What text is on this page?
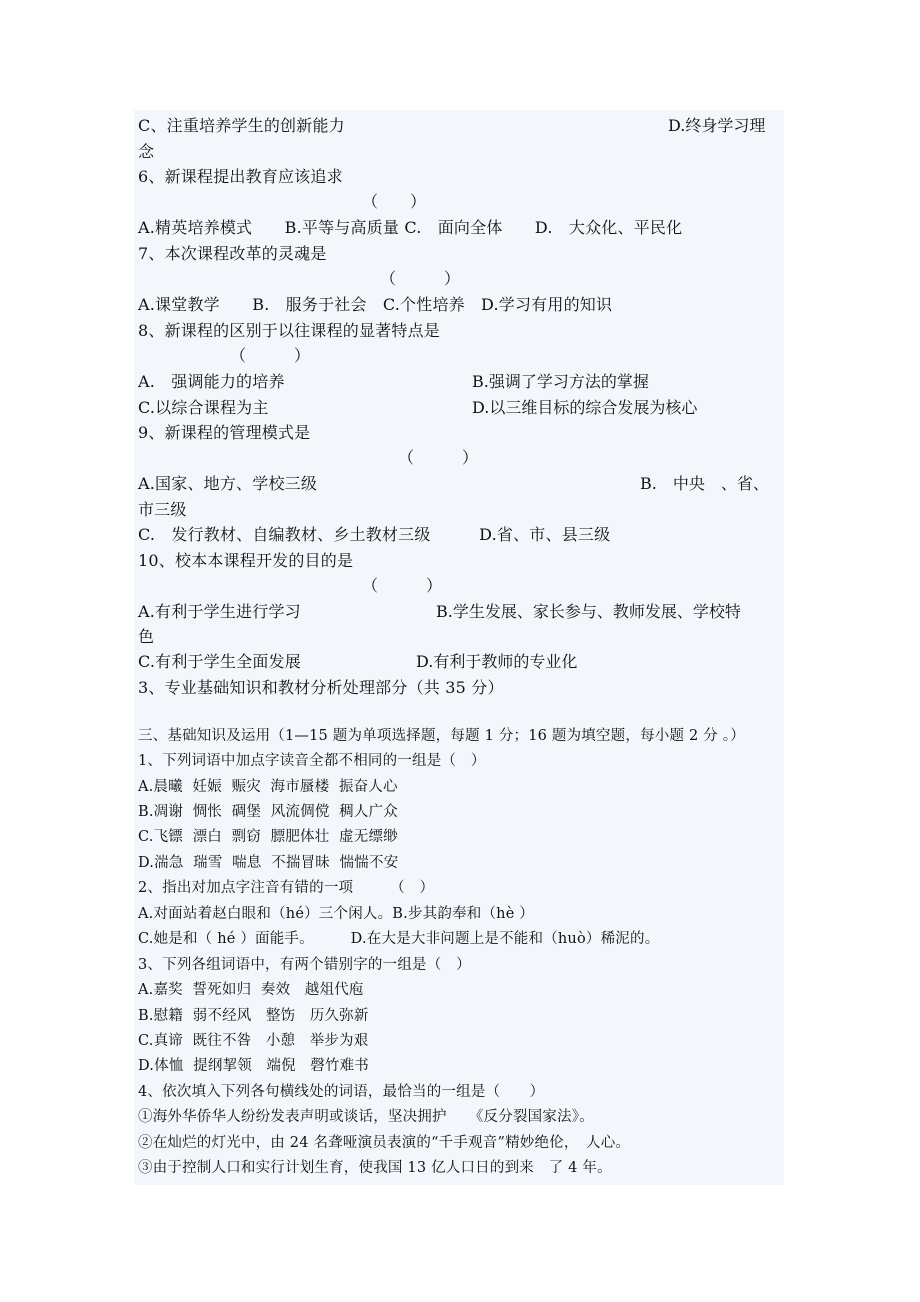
C、注重培养学生的创新能力	D.终身学习理
念
6、新课程提出教育应该追求
（　　）
A.精英培养模式　　B.平等与高质量 C.　面向全体　　D.　大众化、平民化
7、本次课程改革的灵魂是
（　　　）
A.课堂教学　　B.　服务于社会　C.个性培养　D.学习有用的知识
8、新课程的区别于以往课程的显著特点是
（　　　）
A.　强调能力的培养	B.强调了学习方法的掌握
C.以综合课程为主	D.以三维目标的综合发展为核心
9、新课程的管理模式是
（　　　）
A.国家、地方、学校三级	B.　中央　、省、
市三级
C.　发行教材、自编教材、乡土教材三级　　　D.省、市、县三级
10、校本本课程开发的目的是
（　　　）
A.有利于学生进行学习	B.学生发展、家长参与、教师发展、学校特
色
C.有利于学生全面发展	D.有利于教师的专业化
3、专业基础知识和教材分析处理部分（共 35 分）
三、基础知识及运用（1—15 题为单项选择题，每题 1 分；16 题为填空题，每小题 2 分 。）
1、下列词语中加点字读音全都不相同的一组是（　）
A.晨曦  妊娠  赈灾  海市蜃楼  振奋人心
B.凋谢  惆怅  碉堡  风流倜傥  稠人广众
C.飞镖  漂白  剽窃  膘肥体壮  虚无缥缈
D.湍急  瑞雪  喘息  不揣冒昧  惴惴不安
2、指出对加点字注音有错的一项　　　（　）
A.对面站着赵白眼和（hé）三个闲人。B.步其韵奉和（hè ）
C.她是和（ hé ）面能手。　　　D.在大是大非问题上是不能和（huò）稀泥的。
3、下列各组词语中，有两个错别字的一组是（　）
A.嘉奖  誓死如归  奏效   越俎代庖
B.慰籍  弱不经风   整饬   历久弥新
C.真谛  既往不咎   小憩   举步为艰
D.体恤  提纲挈领   端倪   磬竹难书
4、依次填入下列各句横线处的词语，最恰当的一组是（　　）
①海外华侨华人纷纷发表声明或谈话，坚决拥护　　《反分裂国家法》。
②在灿烂的灯光中，由 24 名聋哑演员表演的“千手观音”精妙绝伦，　人心。
③由于控制人口和实行计划生育，使我国 13 亿人口日的到来　了 4 年。
